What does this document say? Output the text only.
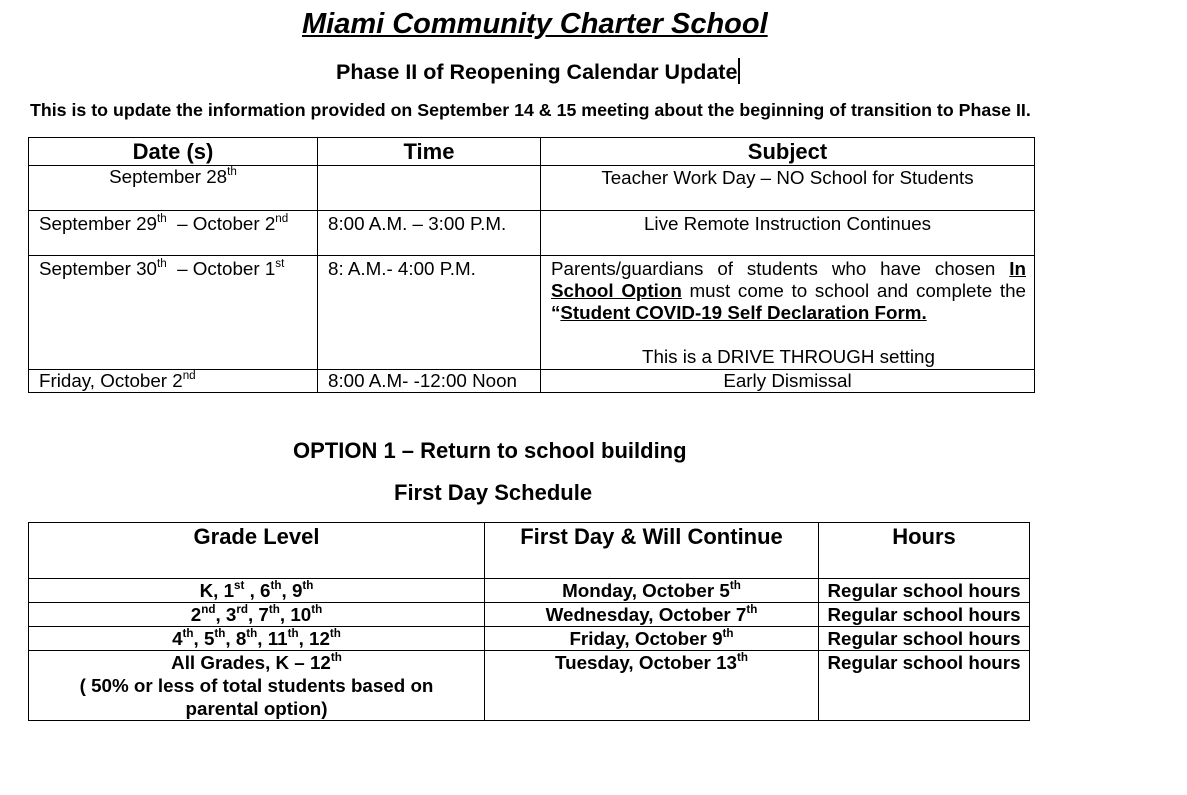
Miami Community Charter School
Phase II of Reopening Calendar Update
This is to update the information provided on September 14 & 15 meeting about the beginning of transition to Phase II.
Date (s)	Time	Subject
September 28th		Teacher Work Day – NO School for Students
September 29th  – October 2nd	8:00 A.M. – 3:00 P.M.	Live Remote Instruction Continues
September 30th  – October 1st	8: A.M.- 4:00 P.M.	Parents/guardians of students who have chosen In School Option must come to school and complete the “Student COVID-19 Self Declaration Form.
This is a DRIVE THROUGH setting

Friday, October 2nd	8:00 A.M- -12:00 Noon	Early Dismissal
OPTION 1 – Return to school building
First Day Schedule
Grade Level	First Day & Will Continue	Hours
K, 1st , 6th, 9th	Monday, October 5th	Regular school hours
2nd, 3rd, 7th, 10th	Wednesday, October 7th	Regular school hours
4th, 5th, 8th, 11th, 12th	Friday, October 9th	Regular school hours
All Grades, K – 12th
( 50% or less of total students based on parental option)	Tuesday, October 13th	Regular school hours
